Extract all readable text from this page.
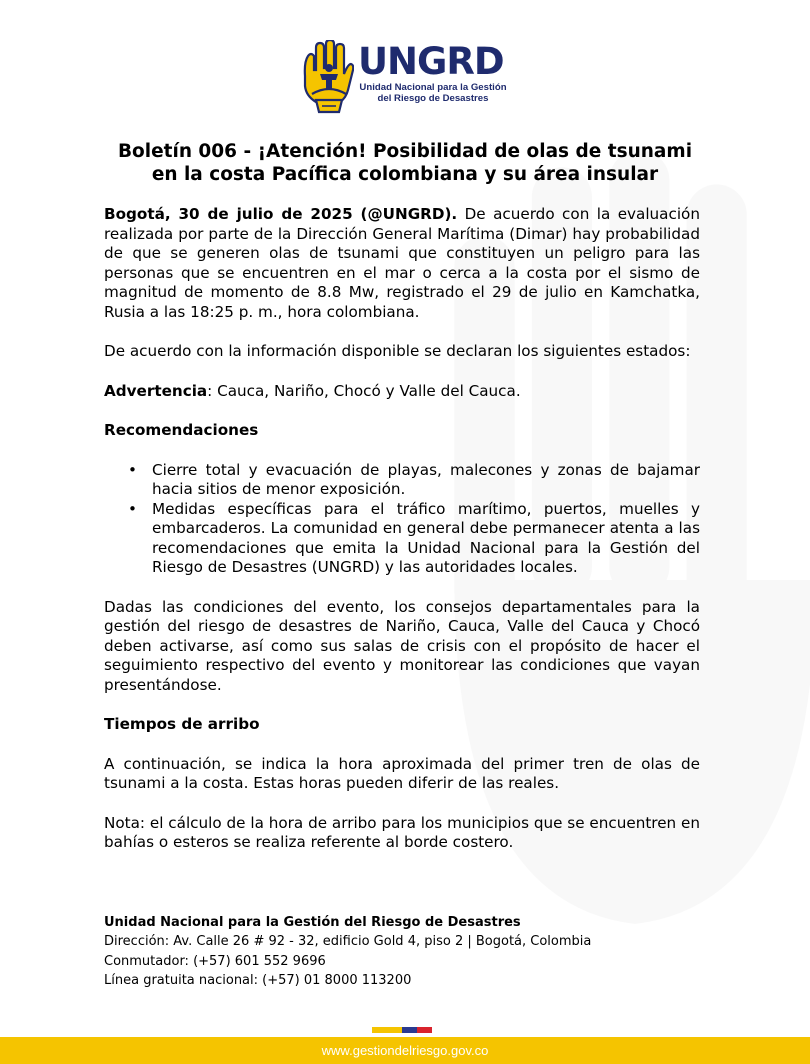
UNGRD
Unidad Nacional para la Gestión
del Riesgo de Desastres
Boletín 006 - ¡Atención! Posibilidad de olas de tsunami
en la costa Pacífica colombiana y su área insular

Bogotá, 30 de julio de 2025 (@UNGRD). De acuerdo con la evaluación realizada por parte de la Dirección General Marítima (Dimar) hay probabilidad de que se generen olas de tsunami que constituyen un peligro para las personas que se encuentren en el mar o cerca a la costa por el sismo de magnitud de momento de 8.8 Mw, registrado el 29 de julio en Kamchatka, Rusia a las 18:25 p. m., hora colombiana.

De acuerdo con la información disponible se declaran los siguientes estados:

Advertencia: Cauca, Nariño, Chocó y Valle del Cauca.

Recomendaciones

• Cierre total y evacuación de playas, malecones y zonas de bajamar hacia sitios de menor exposición.
• Medidas específicas para el tráfico marítimo, puertos, muelles y embarcaderos. La comunidad en general debe permanecer atenta a las recomendaciones que emita la Unidad Nacional para la Gestión del Riesgo de Desastres (UNGRD) y las autoridades locales.

Dadas las condiciones del evento, los consejos departamentales para la gestión del riesgo de desastres de Nariño, Cauca, Valle del Cauca y Chocó deben activarse, así como sus salas de crisis con el propósito de hacer el seguimiento respectivo del evento y monitorear las condiciones que vayan presentándose.

Tiempos de arribo

A continuación, se indica la hora aproximada del primer tren de olas de tsunami a la costa. Estas horas pueden diferir de las reales.

Nota: el cálculo de la hora de arribo para los municipios que se encuentren en bahías o esteros se realiza referente al borde costero.

Unidad Nacional para la Gestión del Riesgo de Desastres
Dirección: Av. Calle 26 # 92 - 32, edificio Gold 4, piso 2 | Bogotá, Colombia
Conmutador: (+57) 601 552 9696
Línea gratuita nacional: (+57) 01 8000 113200
www.gestiondelriesgo.gov.co
